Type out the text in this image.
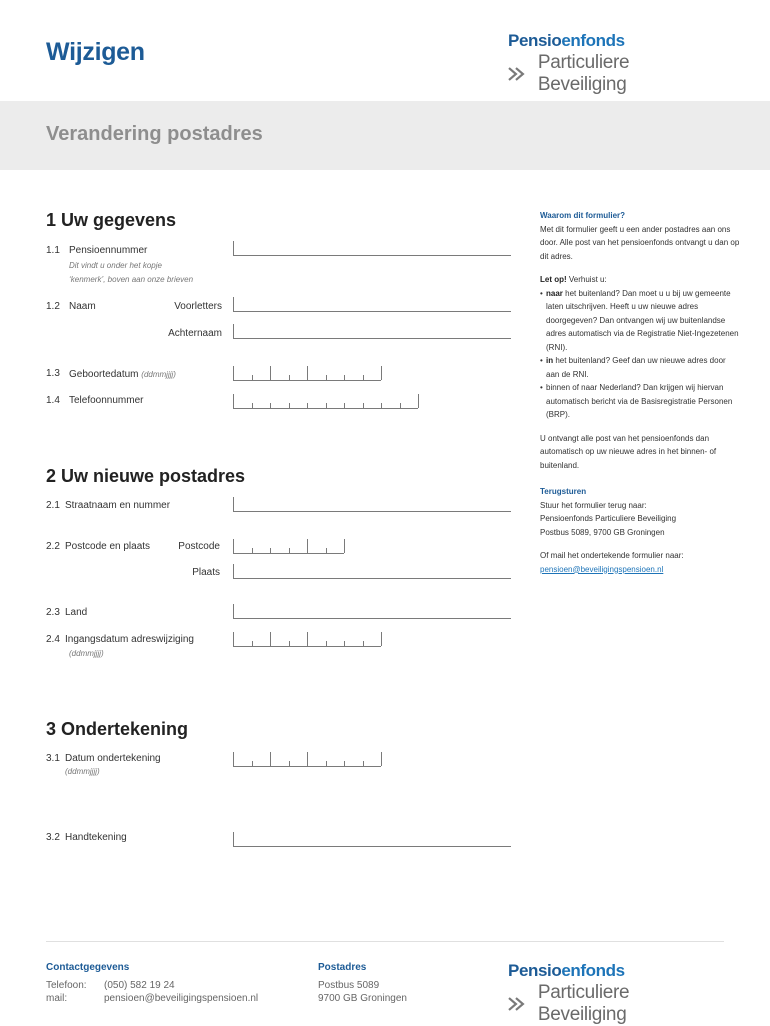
Wijzigen	Pensioenfonds
Particuliere Beveiliging
Verandering postadres
1 Uw gegevens
1.1 Pensioennummer
Dit vindt u onder het kopje
‘kenmerk’, boven aan onze brieven
1.2 Naam	Voorletters
Achternaam
1.3 Geboortedatum (ddmmjjjj)
1.4 Telefoonnummer
2 Uw nieuwe postadres
2.1 Straatnaam en nummer
2.2 Postcode en plaats	Postcode
Plaats
2.3 Land
2.4 Ingangsdatum adreswijziging
(ddmmjjjj)
3 Ondertekening
3.1 Datum ondertekening
(ddmmjjjj)
3.2 Handtekening
Waarom dit formulier?
Met dit formulier geeft u een ander postadres aan ons door. Alle post van het pensioenfonds ontvangt u dan op dit adres.
Let op! Verhuist u:
• naar het buitenland? Dan moet u u bij uw gemeente laten uitschrijven. Heeft u uw nieuwe adres doorgegeven? Dan ontvangen wij uw buitenlandse adres automatisch via de Registratie Niet-Ingezetenen (RNI).
• in het buitenland? Geef dan uw nieuwe adres door aan de RNI.
• binnen of naar Nederland? Dan krijgen wij hiervan automatisch bericht via de Basisregistratie Personen (BRP).
U ontvangt alle post van het pensioenfonds dan automatisch op uw nieuwe adres in het binnen- of buitenland.
Terugsturen
Stuur het formulier terug naar:
Pensioenfonds Particuliere Beveiliging
Postbus 5089, 9700 GB Groningen
Of mail het ondertekende formulier naar:
pensioen@beveiligingspensioen.nl
Contactgegevens
Telefoon: (050) 582 19 24
mail:	pensioen@beveiligingspensioen.nl
Postadres
Postbus 5089
9700 GB Groningen
Pensioenfonds
Particuliere Beveiliging
